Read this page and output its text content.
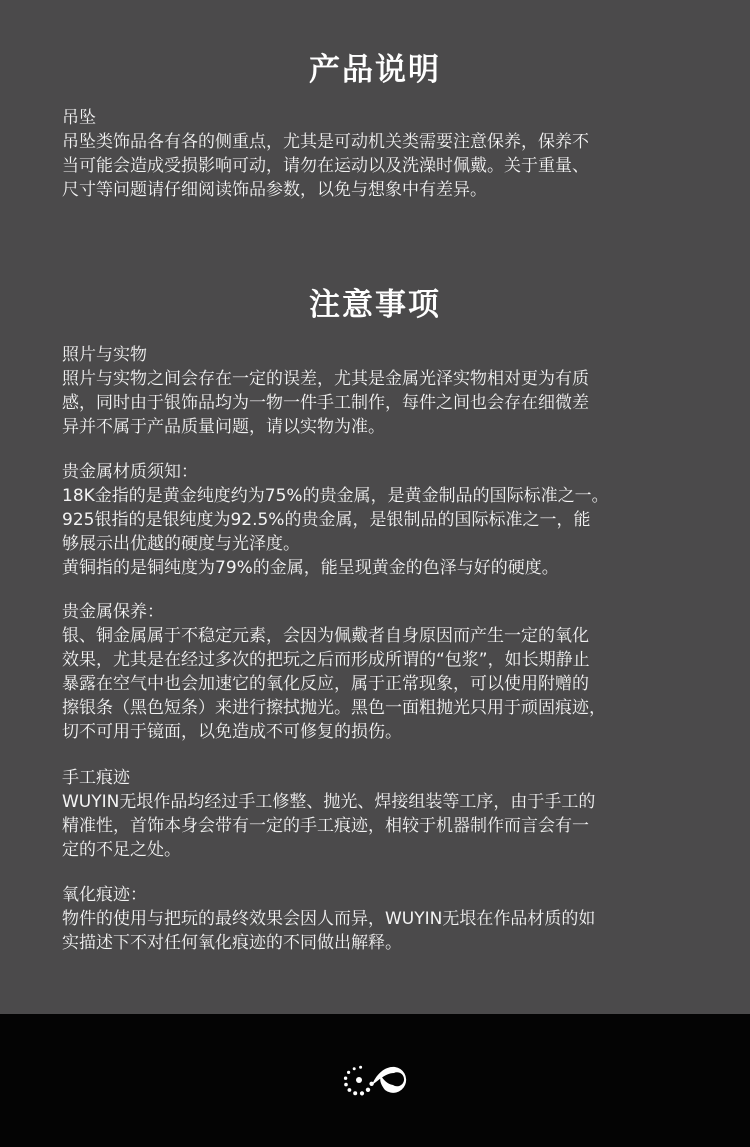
产品说明
吊坠
吊坠类饰品各有各的侧重点，尤其是可动机关类需要注意保养，保养不
当可能会造成受损影响可动，请勿在运动以及洗澡时佩戴。关于重量、
尺寸等问题请仔细阅读饰品参数，以免与想象中有差异。
注意事项
照片与实物
照片与实物之间会存在一定的误差，尤其是金属光泽实物相对更为有质
感，同时由于银饰品均为一物一件手工制作，每件之间也会存在细微差
异并不属于产品质量问题，请以实物为准。
贵金属材质须知：
18K金指的是黄金纯度约为75%的贵金属，是黄金制品的国际标准之一。
925银指的是银纯度为92.5%的贵金属，是银制品的国际标准之一，能
够展示出优越的硬度与光泽度。
黄铜指的是铜纯度为79%的金属，能呈现黄金的色泽与好的硬度。
贵金属保养：
银、铜金属属于不稳定元素，会因为佩戴者自身原因而产生一定的氧化
效果，尤其是在经过多次的把玩之后而形成所谓的“包浆”，如长期静止
暴露在空气中也会加速它的氧化反应，属于正常现象，可以使用附赠的
擦银条（黑色短条）来进行擦拭抛光。黑色一面粗抛光只用于顽固痕迹，
切不可用于镜面，以免造成不可修复的损伤。
手工痕迹
WUYIN无垠作品均经过手工修整、抛光、焊接组装等工序，由于手工的
精准性，首饰本身会带有一定的手工痕迹，相较于机器制作而言会有一
定的不足之处。
氧化痕迹：
物件的使用与把玩的最终效果会因人而异，WUYIN无垠在作品材质的如
实描述下不对任何氧化痕迹的不同做出解释。
